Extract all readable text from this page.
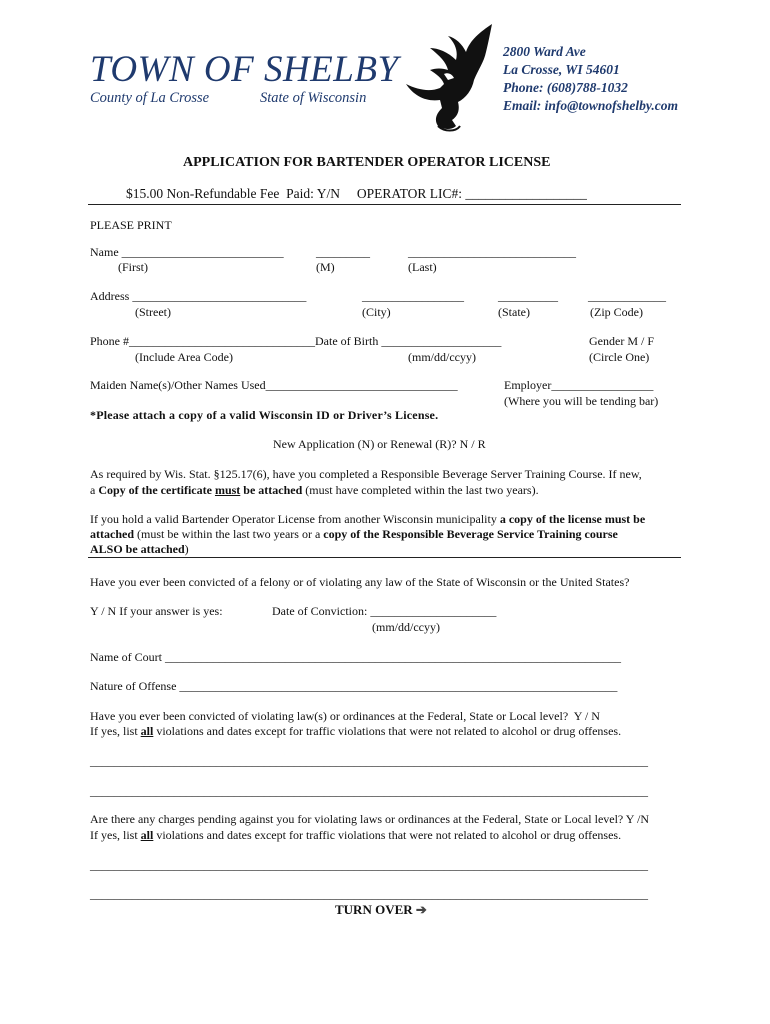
TOWN OF SHELBY
County of La Crosse	State of Wisconsin
2800 Ward Ave
La Crosse, WI 54601
Phone: (608)788-1032
Email: info@townofshelby.com
APPLICATION FOR BARTENDER OPERATOR LICENSE
$15.00 Non-Refundable Fee  Paid: Y/N     OPERATOR LIC#: __________________
PLEASE PRINT
Name ___________________________	_________	____________________________
(First)	(M)	(Last)
Address _____________________________	_________________	__________	_____________
(Street)	(City)	(State)	(Zip Code)
Phone #_______________________________Date of Birth ____________________	Gender M / F
(Include Area Code)	(mm/dd/ccyy)	(Circle One)
Maiden Name(s)/Other Names Used________________________________	Employer_________________
(Where you will be tending bar)
*Please attach a copy of a valid Wisconsin ID or Driver’s License.
New Application (N) or Renewal (R)? N / R
As required by Wis. Stat. §125.17(6), have you completed a Responsible Beverage Server Training Course. If new,
a Copy of the certificate must be attached (must have completed within the last two years).
If you hold a valid Bartender Operator License from another Wisconsin municipality a copy of the license must be
attached (must be within the last two years or a copy of the Responsible Beverage Service Training course
ALSO be attached)
Have you ever been convicted of a felony or of violating any law of the State of Wisconsin or the United States?
Y / N If your answer is yes:	Date of Conviction: _____________________
(mm/dd/ccyy)
Name of Court ____________________________________________________________________________
Nature of Offense _________________________________________________________________________
Have you ever been convicted of violating law(s) or ordinances at the Federal, State or Local level?  Y / N
If yes, list all violations and dates except for traffic violations that were not related to alcohol or drug offenses.
_____________________________________________________________________________________________
_____________________________________________________________________________________________
Are there any charges pending against you for violating laws or ordinances at the Federal, State or Local level? Y /N
If yes, list all violations and dates except for traffic violations that were not related to alcohol or drug offenses.
_____________________________________________________________________________________________
_____________________________________________________________________________________________
TURN OVER ➔
